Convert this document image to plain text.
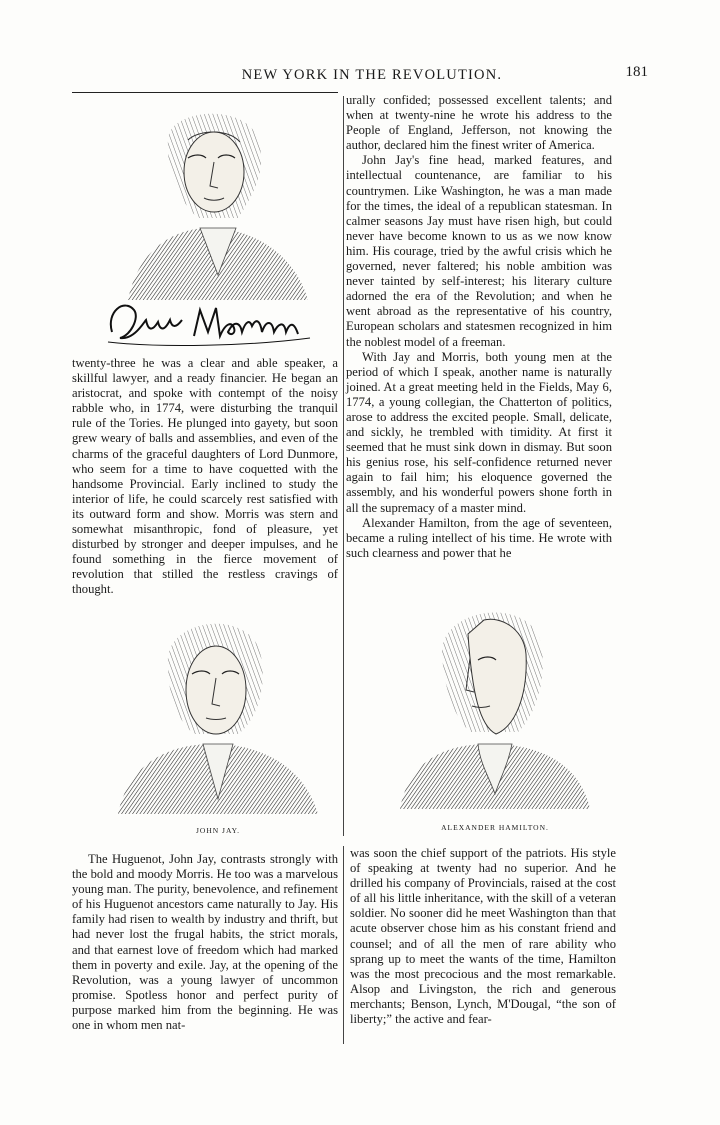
NEW YORK IN THE REVOLUTION.	181

twenty-three he was a clear and able speaker, a skillful lawyer, and a ready financier. He began an aristocrat, and spoke with contempt of the noisy rabble who, in 1774, were disturbing the tranquil rule of the Tories. He plunged into gayety, but soon grew weary of balls and assemblies, and even of the charms of the graceful daughters of Lord Dunmore, who seem for a time to have coquetted with the handsome Provincial. Early inclined to study the interior of life, he could scarcely rest satisfied with its outward form and show. Morris was stern and somewhat misanthropic, fond of pleasure, yet disturbed by stronger and deeper impulses, and he found something in the fierce movement of revolution that stilled the restless cravings of thought.

urally confided; possessed excellent talents; and when at twenty-nine he wrote his address to the People of England, Jefferson, not knowing the author, declared him the finest writer of America.

John Jay's fine head, marked features, and intellectual countenance, are familiar to his countrymen. Like Washington, he was a man made for the times, the ideal of a republican statesman. In calmer seasons Jay must have risen high, but could never have become known to us as we now know him. His courage, tried by the awful crisis which he governed, never faltered; his noble ambition was never tainted by self-interest; his literary culture adorned the era of the Revolution; and when he went abroad as the representative of his country, European scholars and statesmen recognized in him the noblest model of a freeman.

With Jay and Morris, both young men at the period of which I speak, another name is naturally joined. At a great meeting held in the Fields, May 6, 1774, a young collegian, the Chatterton of politics, arose to address the excited people. Small, delicate, and sickly, he trembled with timidity. At first it seemed that he must sink down in dismay. But soon his genius rose, his self-confidence returned never again to fail him; his eloquence governed the assembly, and his wonderful powers shone forth in all the supremacy of a master mind.

Alexander Hamilton, from the age of seventeen, became a ruling intellect of his time. He wrote with such clearness and power that he

JOHN JAY.	ALEXANDER HAMILTON.

The Huguenot, John Jay, contrasts strongly with the bold and moody Morris. He too was a marvelous young man. The purity, benevolence, and refinement of his Huguenot ancestors came naturally to Jay. His family had risen to wealth by industry and thrift, but had never lost the frugal habits, the strict morals, and that earnest love of freedom which had marked them in poverty and exile. Jay, at the opening of the Revolution, was a young lawyer of uncommon promise. Spotless honor and perfect purity of purpose marked him from the beginning. He was one in whom men nat-

was soon the chief support of the patriots. His style of speaking at twenty had no superior. And he drilled his company of Provincials, raised at the cost of all his little inheritance, with the skill of a veteran soldier. No sooner did he meet Washington than that acute observer chose him as his constant friend and counsel; and of all the men of rare ability who sprang up to meet the wants of the time, Hamilton was the most precocious and the most remarkable. Alsop and Livingston, the rich and generous merchants; Benson, Lynch, M'Dougal, “the son of liberty;” the active and fear-
